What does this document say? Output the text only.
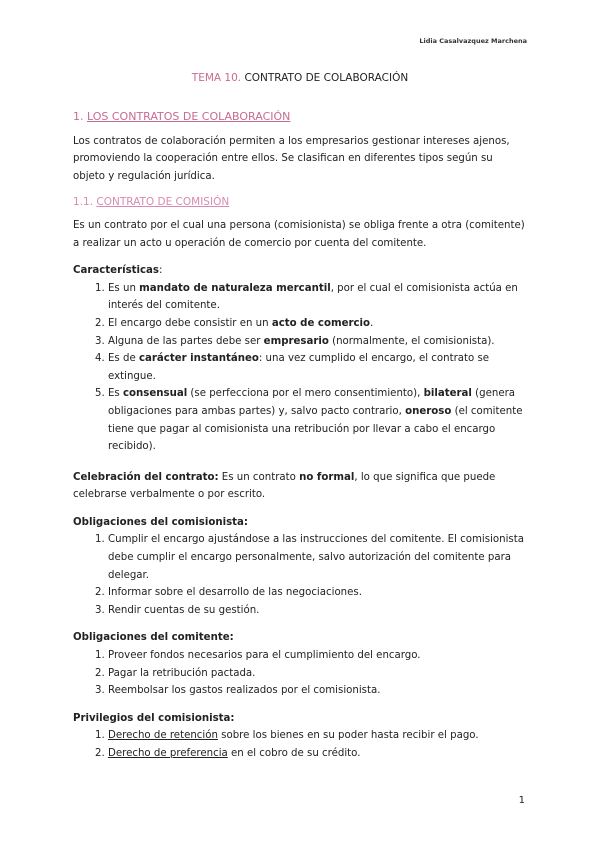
Lidia Casalvazquez Marchena
TEMA 10. CONTRATO DE COLABORACIÓN
1. LOS CONTRATOS DE COLABORACIÓN

Los contratos de colaboración permiten a los empresarios gestionar intereses ajenos, promoviendo la cooperación entre ellos. Se clasifican en diferentes tipos según su objeto y regulación jurídica.

1.1. CONTRATO DE COMISIÓN

Es un contrato por el cual una persona (comisionista) se obliga frente a otra (comitente) a realizar un acto u operación de comercio por cuenta del comitente.

Características:

1. Es un mandato de naturaleza mercantil, por el cual el comisionista actúa en interés del comitente.
2. El encargo debe consistir en un acto de comercio.
3. Alguna de las partes debe ser empresario (normalmente, el comisionista).
4. Es de carácter instantáneo: una vez cumplido el encargo, el contrato se extingue.
5. Es consensual (se perfecciona por el mero consentimiento), bilateral (genera obligaciones para ambas partes) y, salvo pacto contrario, oneroso (el comitente tiene que pagar al comisionista una retribución por llevar a cabo el encargo recibido).

Celebración del contrato: Es un contrato no formal, lo que significa que puede celebrarse verbalmente o por escrito.

Obligaciones del comisionista:

1. Cumplir el encargo ajustándose a las instrucciones del comitente. El comisionista debe cumplir el encargo personalmente, salvo autorización del comitente para delegar.
2. Informar sobre el desarrollo de las negociaciones.
3. Rendir cuentas de su gestión.

Obligaciones del comitente:

1. Proveer fondos necesarios para el cumplimiento del encargo.
2. Pagar la retribución pactada.
3. Reembolsar los gastos realizados por el comisionista.

Privilegios del comisionista:

1. Derecho de retención sobre los bienes en su poder hasta recibir el pago.
2. Derecho de preferencia en el cobro de su crédito.
1
